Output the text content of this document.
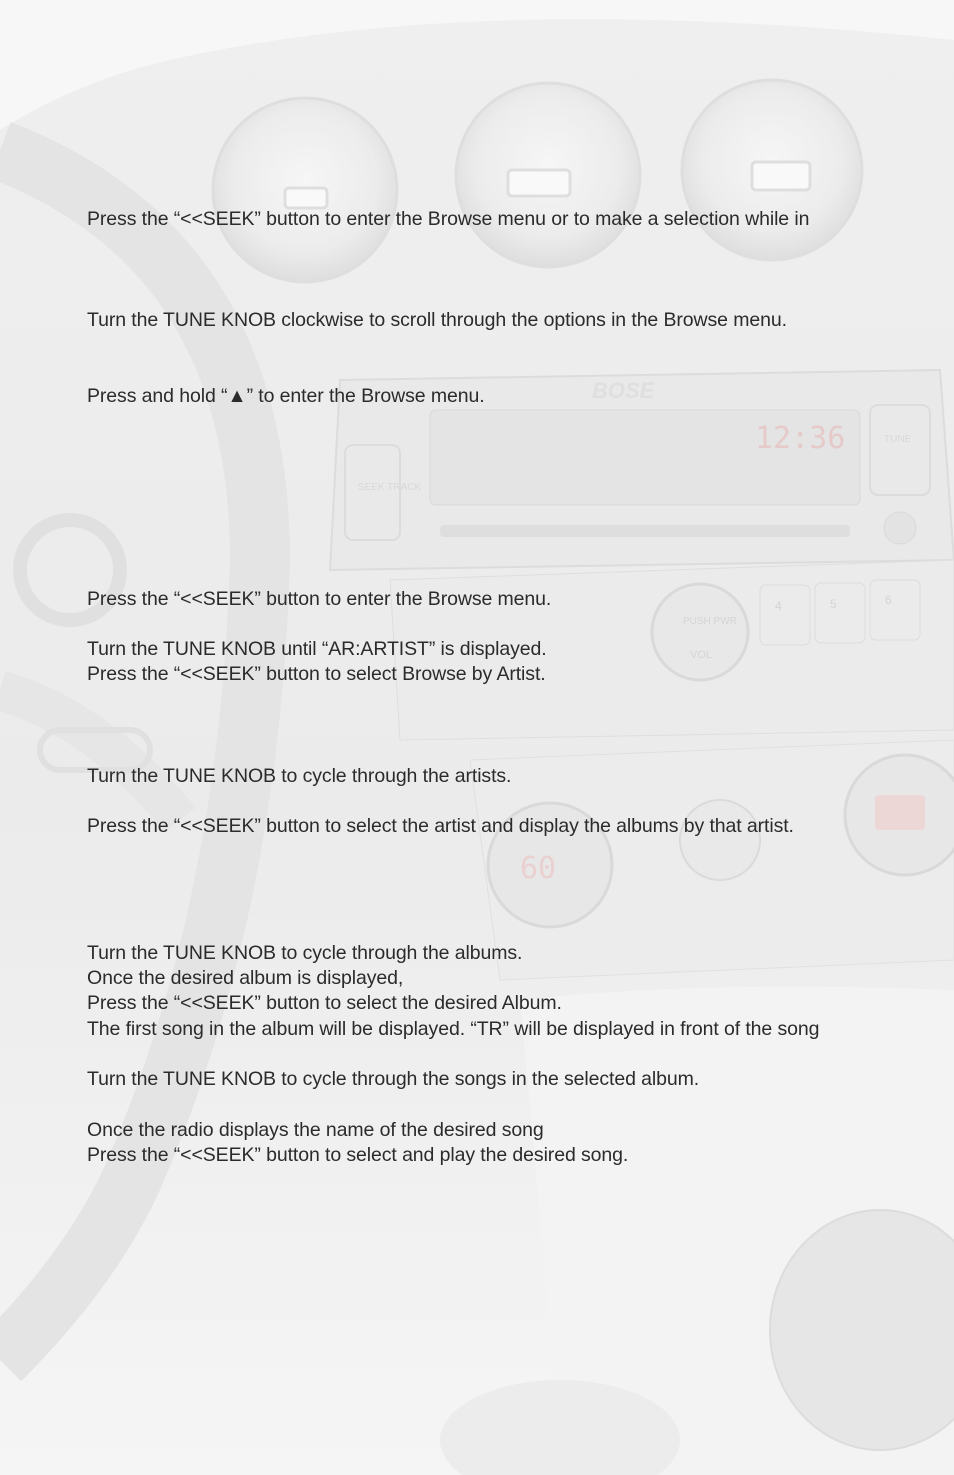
12:36
BOSE
SEEK TRACK
TUNE
PUSH PWR
VOL
4	5	6
60
Press the “<<SEEK” button to enter the Browse menu or to make a selection while in
Turn the TUNE KNOB clockwise to scroll through the options in the Browse menu.
Press and hold “▲” to enter the Browse menu.
Press the “<<SEEK” button to enter the Browse menu.
Turn the TUNE KNOB until “AR:ARTIST” is displayed.
Press the “<<SEEK” button to select Browse by Artist.
Turn the TUNE KNOB to cycle through the artists.
Press the “<<SEEK” button to select the artist and display the albums by that artist.
Turn the TUNE KNOB to cycle through the albums.
Once the desired album is displayed,
Press the “<<SEEK” button to select the desired Album.
The first song in the album will be displayed. “TR” will be displayed in front of the song
Turn the TUNE KNOB to cycle through the songs in the selected album.
Once the radio displays the name of the desired song
Press the “<<SEEK” button to select and play the desired song.
